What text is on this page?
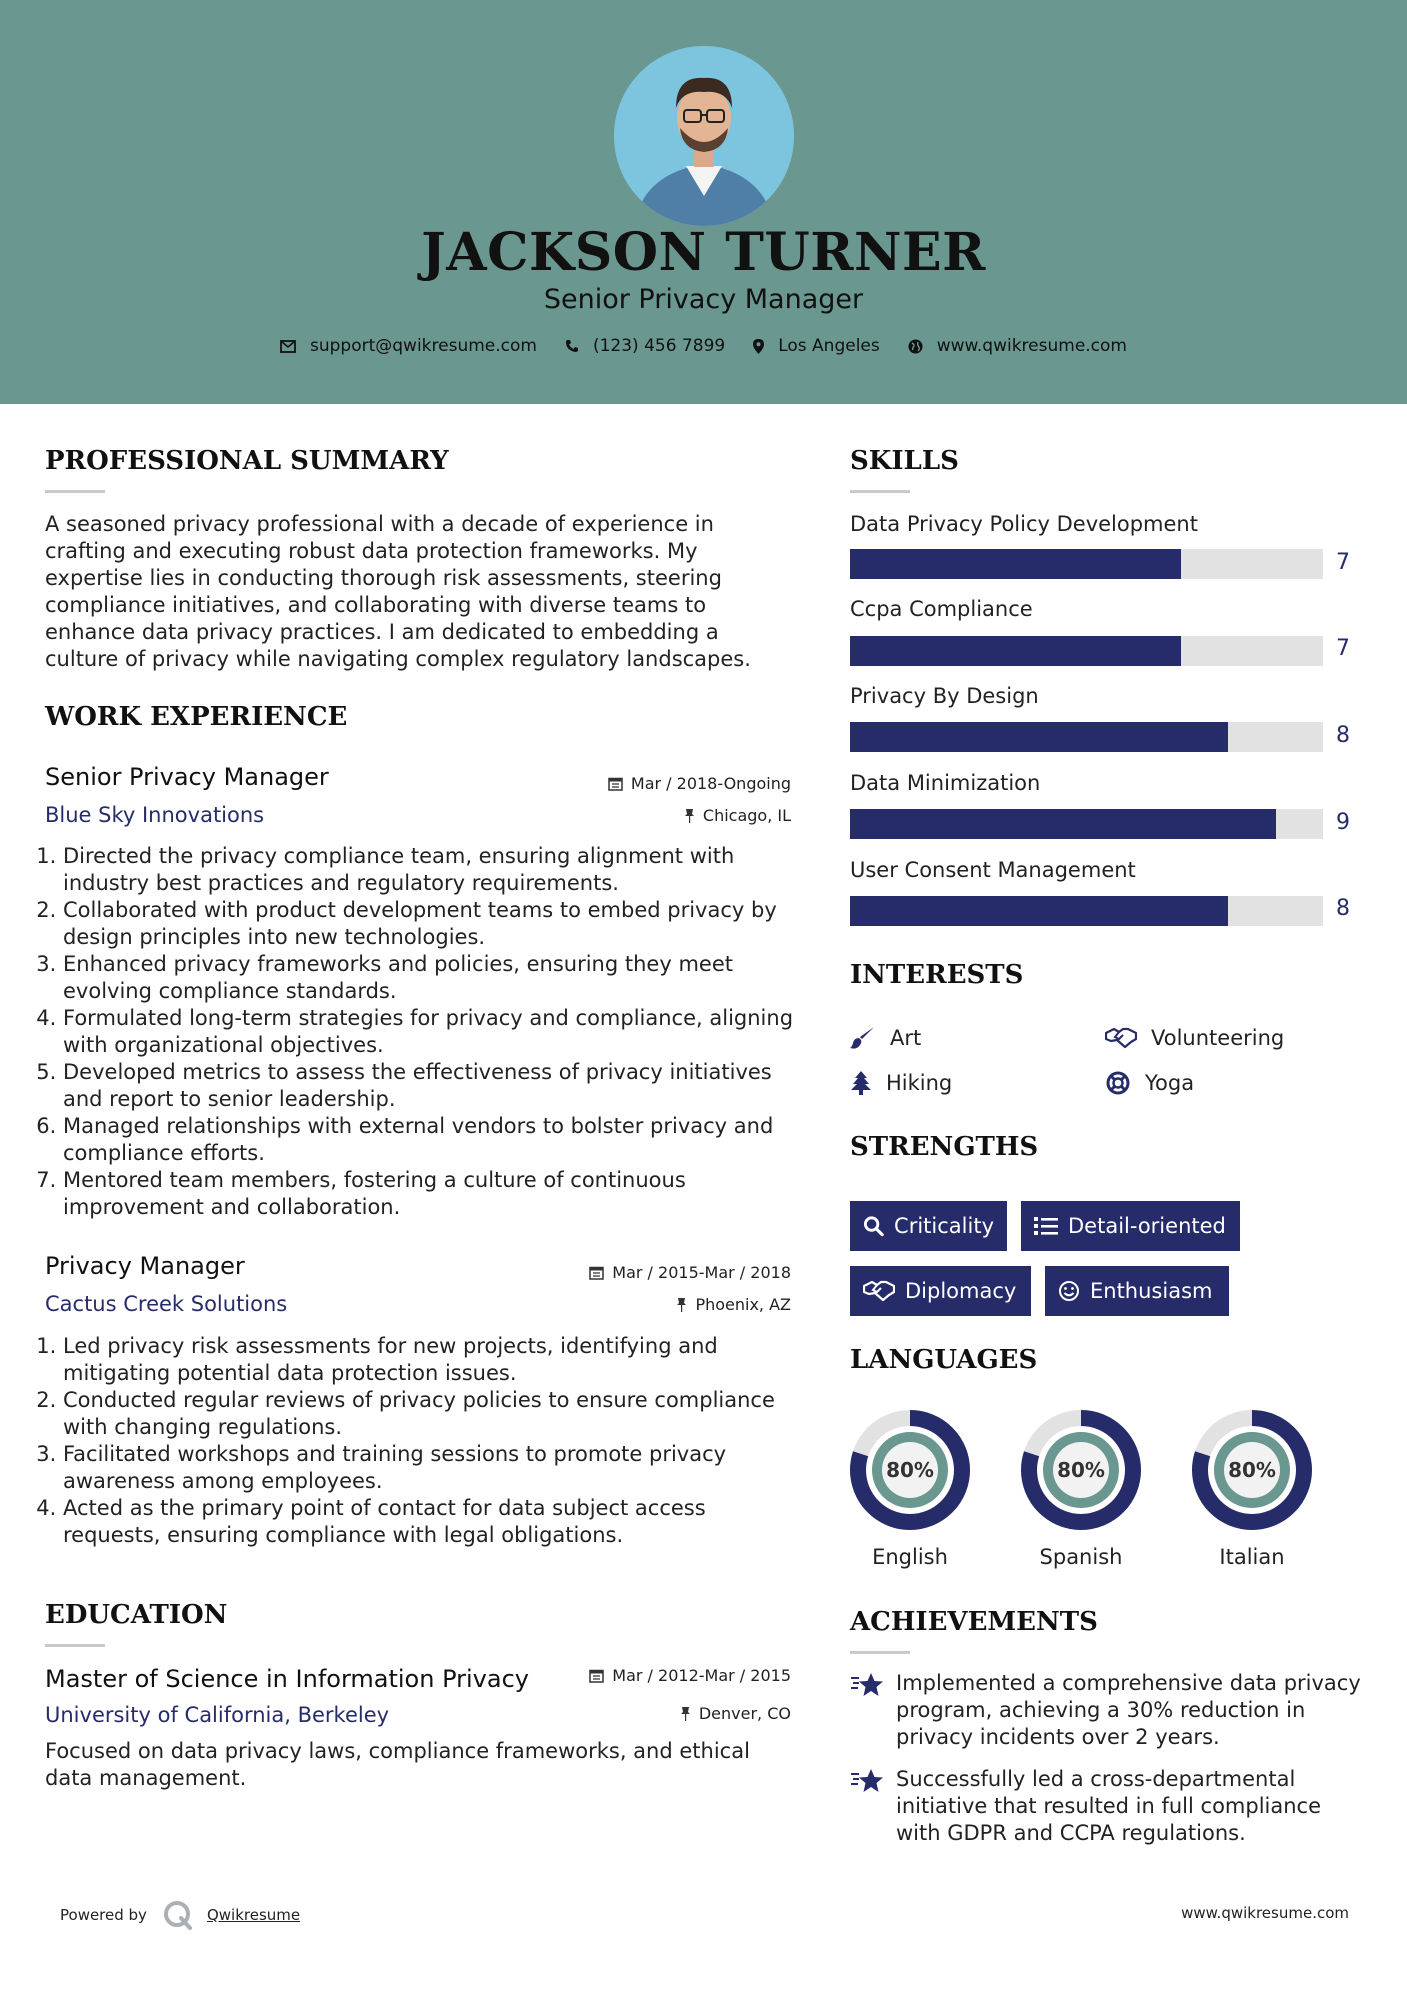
JACKSON TURNER
Senior Privacy Manager
support@qwikresume.com	(123) 456 7899	Los Angeles	www.qwikresume.com
PROFESSIONAL SUMMARY
A seasoned privacy professional with a decade of experience in crafting and executing robust data protection frameworks. My expertise lies in conducting thorough risk assessments, steering compliance initiatives, and collaborating with diverse teams to enhance data privacy practices. I am dedicated to embedding a culture of privacy while navigating complex regulatory landscapes.
WORK EXPERIENCE
Senior Privacy Manager	Mar / 2018-Ongoing
Blue Sky Innovations	Chicago, IL
1. Directed the privacy compliance team, ensuring alignment with industry best practices and regulatory requirements.
2. Collaborated with product development teams to embed privacy by design principles into new technologies.
3. Enhanced privacy frameworks and policies, ensuring they meet evolving compliance standards.
4. Formulated long-term strategies for privacy and compliance, aligning with organizational objectives.
5. Developed metrics to assess the effectiveness of privacy initiatives and report to senior leadership.
6. Managed relationships with external vendors to bolster privacy and compliance efforts.
7. Mentored team members, fostering a culture of continuous improvement and collaboration.
Privacy Manager	Mar / 2015-Mar / 2018
Cactus Creek Solutions	Phoenix, AZ
1. Led privacy risk assessments for new projects, identifying and mitigating potential data protection issues.
2. Conducted regular reviews of privacy policies to ensure compliance with changing regulations.
3. Facilitated workshops and training sessions to promote privacy awareness among employees.
4. Acted as the primary point of contact for data subject access requests, ensuring compliance with legal obligations.
EDUCATION
Master of Science in Information Privacy	Mar / 2012-Mar / 2015
University of California, Berkeley	Denver, CO
Focused on data privacy laws, compliance frameworks, and ethical data management.
SKILLS
Data Privacy Policy Development
7
Ccpa Compliance
7
Privacy By Design
8
Data Minimization
9
User Consent Management
8
INTERESTS
Art	Volunteering
Hiking	Yoga
STRENGTHS
Criticality	Detail-oriented
Diplomacy	Enthusiasm
LANGUAGES
80%	80%	80%
English	Spanish	Italian
ACHIEVEMENTS
Implemented a comprehensive data privacy program, achieving a 30% reduction in privacy incidents over 2 years.
Successfully led a cross-departmental initiative that resulted in full compliance with GDPR and CCPA regulations.
Powered by	Qwikresume	www.qwikresume.com
